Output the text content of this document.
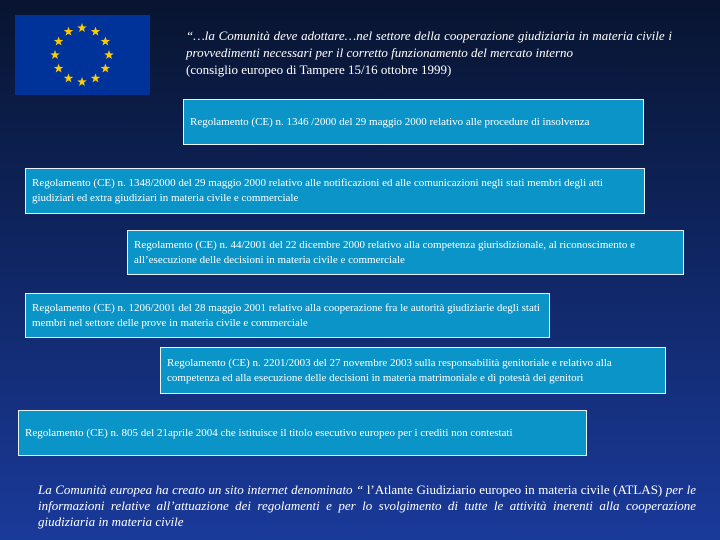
“…la Comunità deve adottare…nel settore della cooperazione giudiziaria in materia civile i provvedimenti necessari per il corretto funzionamento del mercato interno
(consiglio europeo di Tampere 15/16 ottobre 1999)
Regolamento (CE) n. 1346 /2000 del 29 maggio 2000 relativo alle procedure di insolvenza
Regolamento (CE) n. 1348/2000 del 29 maggio 2000 relativo alle notificazioni ed alle comunicazioni negli stati membri degli atti giudiziari ed extra giudiziari in materia civile e commerciale
Regolamento (CE) n. 44/2001 del 22 dicembre 2000 relativo alla competenza giurisdizionale, al riconoscimento e all’esecuzione delle decisioni in materia civile e commerciale
Regolamento (CE) n. 1206/2001 del 28 maggio 2001 relativo alla cooperazione fra le autorità giudiziarie degli stati membri nel settore delle prove in materia civile e commerciale
Regolamento (CE) n. 2201/2003 del 27 novembre 2003 sulla responsabilità genitoriale e relativo alla competenza ed alla esecuzione delle decisioni in materia matrimoniale e di potestà dei genitori
Regolamento (CE) n. 805 del 21aprile 2004 che istituisce il titolo esecutivo europeo per i crediti non contestati
La Comunità europea ha creato un sito internet denominato “ l’Atlante Giudiziario europeo in materia civile (ATLAS) per le informazioni relative all’attuazione dei regolamenti e per lo svolgimento di tutte le attività inerenti alla cooperazione giudiziaria in materia civile
